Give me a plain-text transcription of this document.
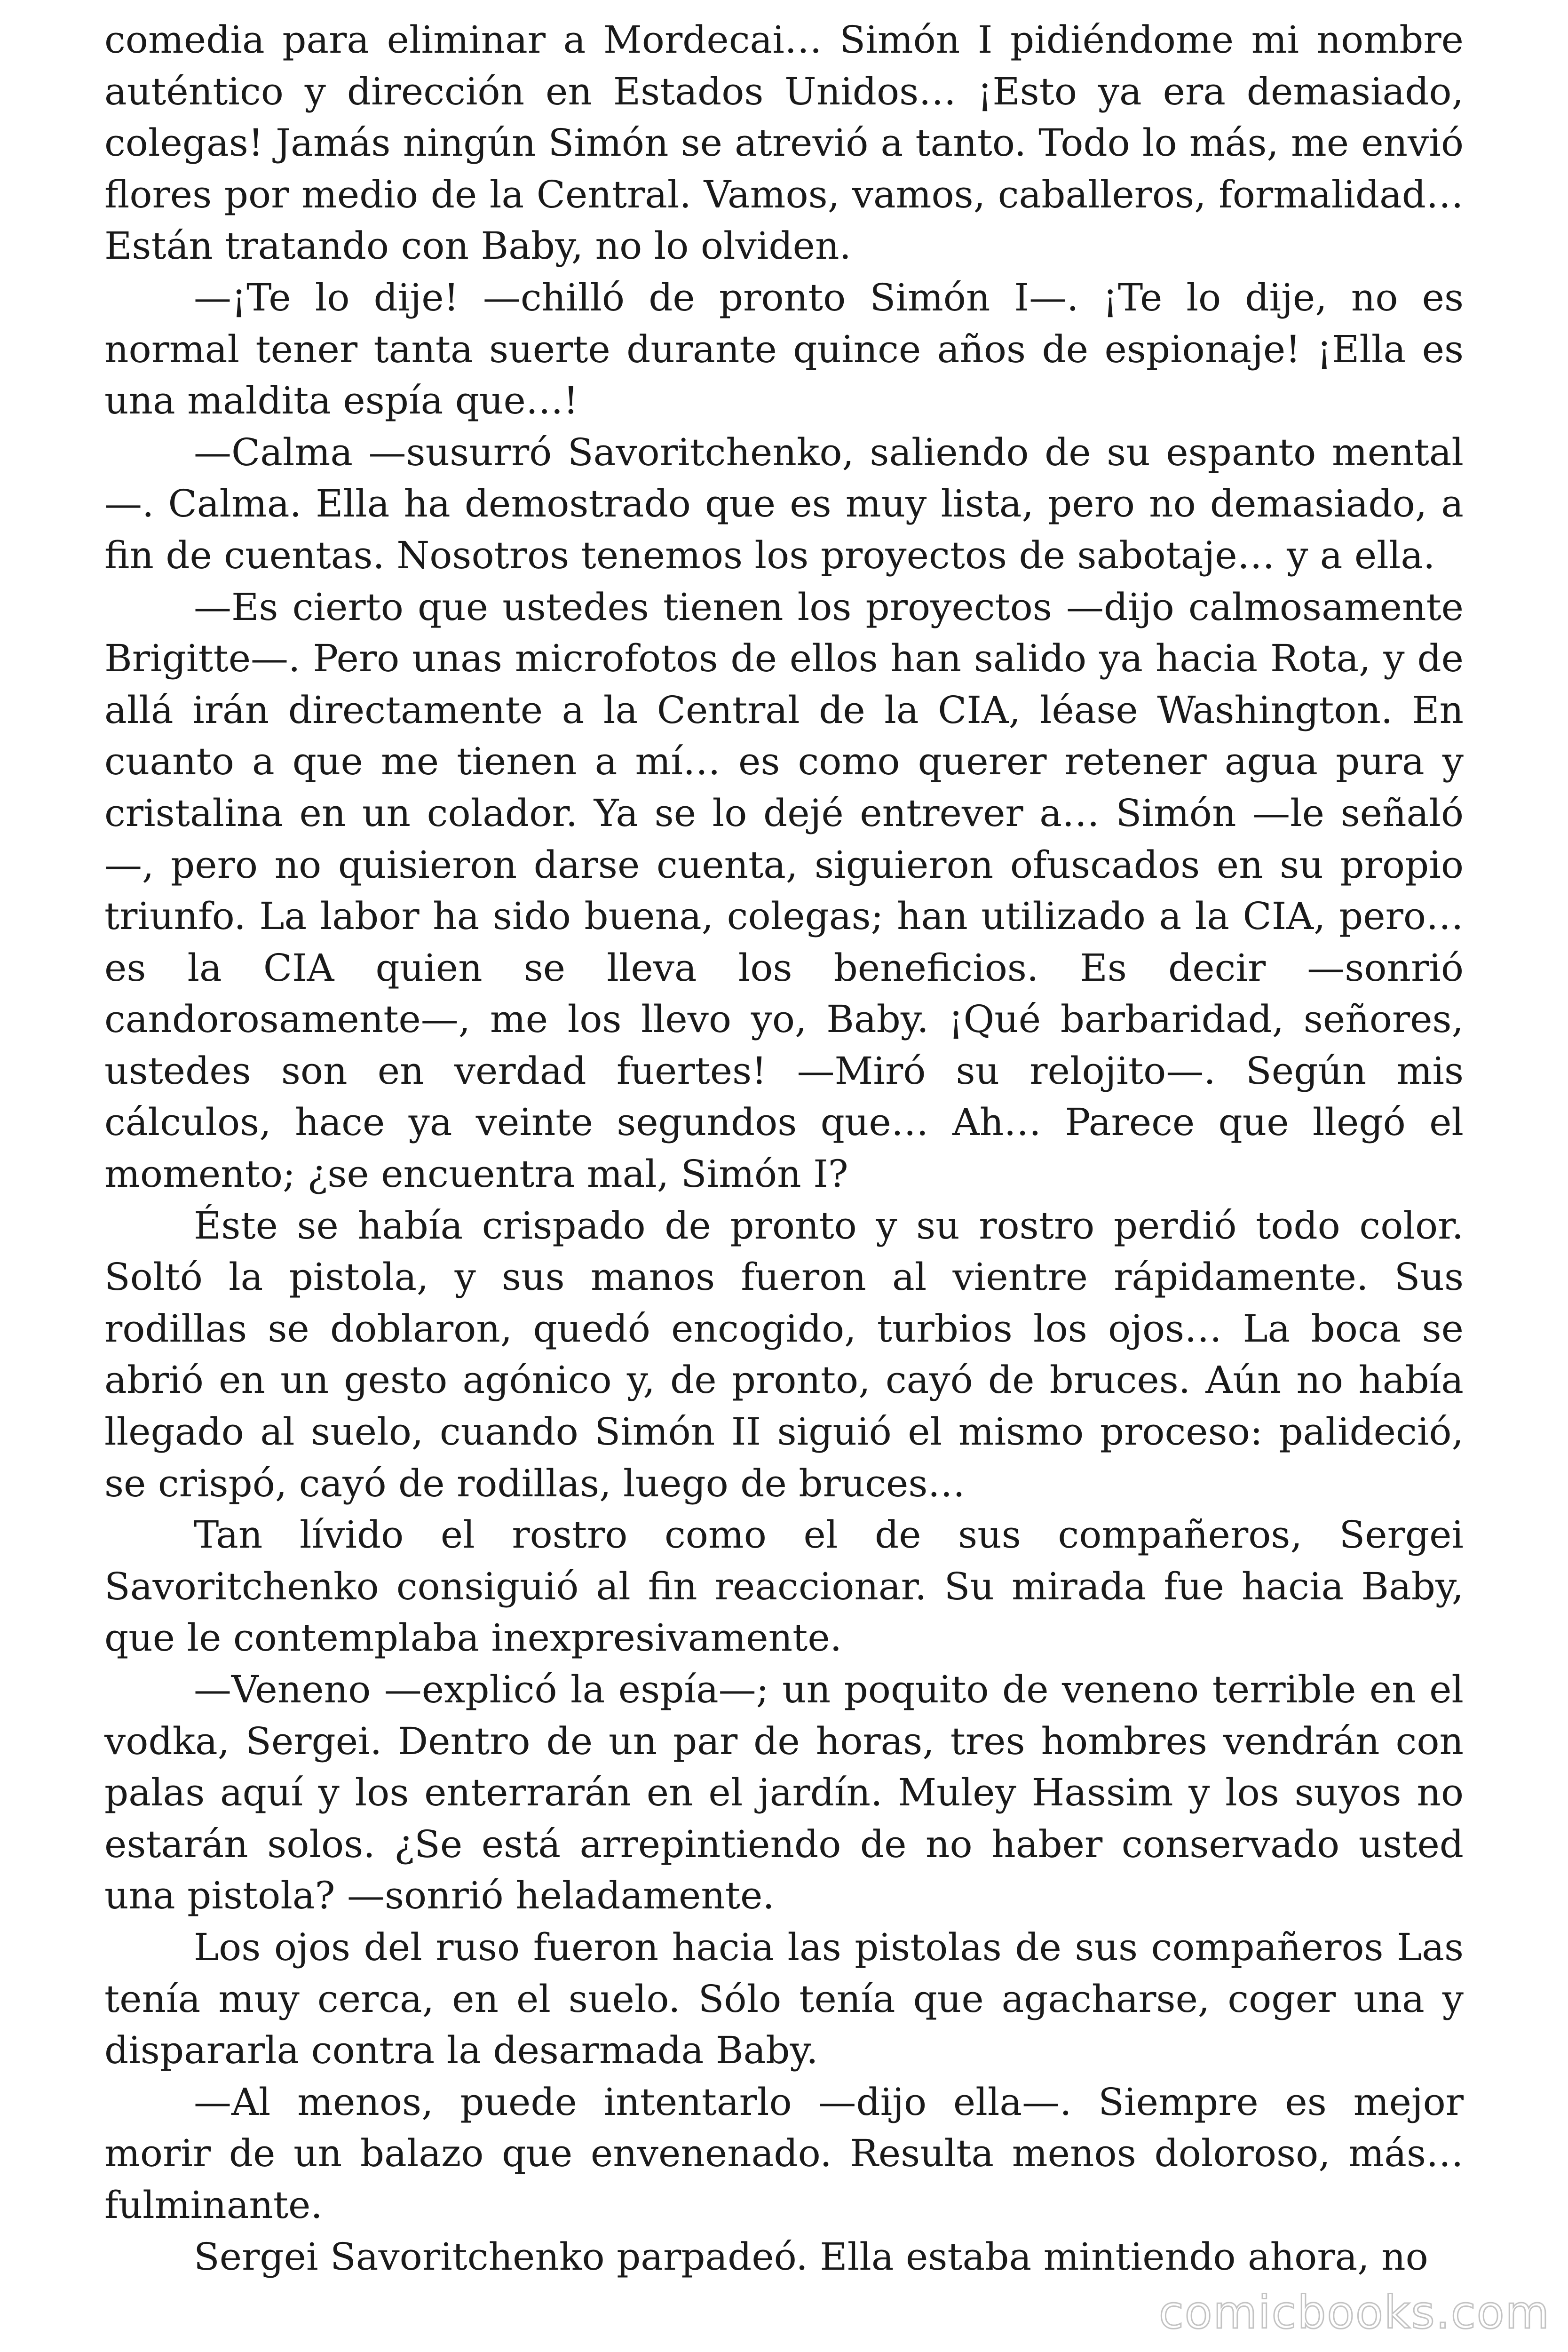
comedia para eliminar a Mordecai… Simón I pidiéndome mi nombre auténtico y dirección en Estados Unidos… ¡Esto ya era demasiado, colegas! Jamás ningún Simón se atrevió a tanto. Todo lo más, me envió flores por medio de la Central. Vamos, vamos, caballeros, formalidad… Están tratando con Baby, no lo olviden.

—¡Te lo dije! —chilló de pronto Simón I—. ¡Te lo dije, no es normal tener tanta suerte durante quince años de espionaje! ¡Ella es una maldita espía que…!

—Calma —susurró Savoritchenko, saliendo de su espanto mental —. Calma. Ella ha demostrado que es muy lista, pero no demasiado, a fin de cuentas. Nosotros tenemos los proyectos de sabotaje… y a ella.

—Es cierto que ustedes tienen los proyectos —dijo calmosamente Brigitte—. Pero unas microfotos de ellos han salido ya hacia Rota, y de allá irán directamente a la Central de la CIA, léase Washington. En cuanto a que me tienen a mí… es como querer retener agua pura y cristalina en un colador. Ya se lo dejé entrever a… Simón —le señaló —, pero no quisieron darse cuenta, siguieron ofuscados en su propio triunfo. La labor ha sido buena, colegas; han utilizado a la CIA, pero… es la CIA quien se lleva los beneficios. Es decir —sonrió candorosamente—, me los llevo yo, Baby. ¡Qué barbaridad, señores, ustedes son en verdad fuertes! —Miró su relojito—. Según mis cálculos, hace ya veinte segundos que… Ah… Parece que llegó el momento; ¿se encuentra mal, Simón I?

Éste se había crispado de pronto y su rostro perdió todo color. Soltó la pistola, y sus manos fueron al vientre rápidamente. Sus rodillas se doblaron, quedó encogido, turbios los ojos… La boca se abrió en un gesto agónico y, de pronto, cayó de bruces. Aún no había llegado al suelo, cuando Simón II siguió el mismo proceso: palideció, se crispó, cayó de rodillas, luego de bruces…

Tan lívido el rostro como el de sus compañeros, Sergei Savoritchenko consiguió al fin reaccionar. Su mirada fue hacia Baby, que le contemplaba inexpresivamente.

—Veneno —explicó la espía—; un poquito de veneno terrible en el vodka, Sergei. Dentro de un par de horas, tres hombres vendrán con palas aquí y los enterrarán en el jardín. Muley Hassim y los suyos no estarán solos. ¿Se está arrepintiendo de no haber conservado usted una pistola? —sonrió heladamente.

Los ojos del ruso fueron hacia las pistolas de sus compañeros Las tenía muy cerca, en el suelo. Sólo tenía que agacharse, coger una y dispararla contra la desarmada Baby.

—Al menos, puede intentarlo —dijo ella—. Siempre es mejor morir de un balazo que envenenado. Resulta menos doloroso, más… fulminante.

Sergei Savoritchenko parpadeó. Ella estaba mintiendo ahora, no

comicbooks.com
